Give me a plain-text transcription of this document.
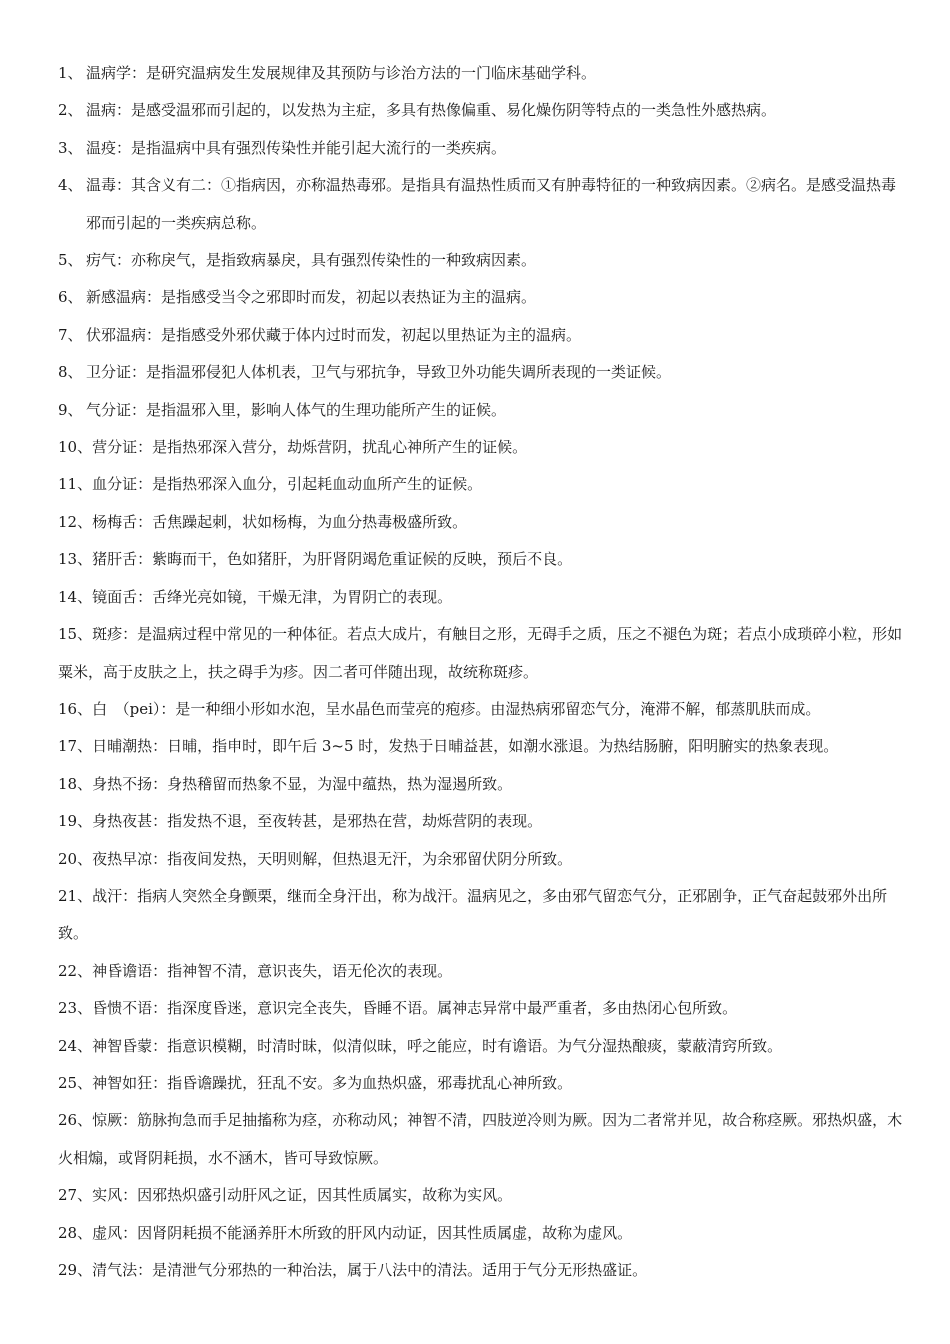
1、 温病学：是研究温病发生发展规律及其预防与诊治方法的一门临床基础学科。
2、 温病：是感受温邪而引起的，以发热为主症，多具有热像偏重、易化燥伤阴等特点的一类急性外感热病。
3、 温疫：是指温病中具有强烈传染性并能引起大流行的一类疾病。
4、 温毒：其含义有二：①指病因，亦称温热毒邪。是指具有温热性质而又有肿毒特征的一种致病因素。②病名。是感受温热毒邪而引起的一类疾病总称。
5、 疠气：亦称戾气，是指致病暴戾，具有强烈传染性的一种致病因素。
6、 新感温病：是指感受当令之邪即时而发，初起以表热证为主的温病。
7、 伏邪温病：是指感受外邪伏藏于体内过时而发，初起以里热证为主的温病。
8、 卫分证：是指温邪侵犯人体机表，卫气与邪抗争，导致卫外功能失调所表现的一类证候。
9、 气分证：是指温邪入里，影响人体气的生理功能所产生的证候。
10、营分证：是指热邪深入营分，劫烁营阴，扰乱心神所产生的证候。
11、血分证：是指热邪深入血分，引起耗血动血所产生的证候。
12、杨梅舌：舌焦躁起刺，状如杨梅，为血分热毒极盛所致。
13、猪肝舌：紫晦而干，色如猪肝，为肝肾阴竭危重证候的反映，预后不良。
14、镜面舌：舌绛光亮如镜，干燥无津，为胃阴亡的表现。
15、斑疹：是温病过程中常见的一种体征。若点大成片，有触目之形，无碍手之质，压之不褪色为斑；若点小成琐碎小粒，形如粟米，高于皮肤之上，扶之碍手为疹。因二者可伴随出现，故统称斑疹。
16、白　（pei）：是一种细小形如水泡，呈水晶色而莹亮的疱疹。由湿热病邪留恋气分，淹滞不解，郁蒸肌肤而成。
17、日晡潮热：日晡，指申时，即午后 3~5 时，发热于日晡益甚，如潮水涨退。为热结肠腑，阳明腑实的热象表现。
18、身热不扬：身热稽留而热象不显，为湿中蕴热，热为湿遏所致。
19、身热夜甚：指发热不退，至夜转甚，是邪热在营，劫烁营阴的表现。
20、夜热早凉：指夜间发热，天明则解，但热退无汗，为余邪留伏阴分所致。
21、战汗：指病人突然全身颤栗，继而全身汗出，称为战汗。温病见之，多由邪气留恋气分，正邪剧争，正气奋起鼓邪外出所致。
22、神昏谵语：指神智不清，意识丧失，语无伦次的表现。
23、昏愦不语：指深度昏迷，意识完全丧失，昏睡不语。属神志异常中最严重者，多由热闭心包所致。
24、神智昏蒙：指意识模糊，时清时昧，似清似昧，呼之能应，时有谵语。为气分湿热酿痰，蒙蔽清窍所致。
25、神智如狂：指昏谵躁扰，狂乱不安。多为血热炽盛，邪毒扰乱心神所致。
26、惊厥：筋脉拘急而手足抽搐称为痉，亦称动风；神智不清，四肢逆冷则为厥。因为二者常并见，故合称痉厥。邪热炽盛，木火相煽，或肾阴耗损，水不涵木，皆可导致惊厥。
27、实风：因邪热炽盛引动肝风之证，因其性质属实，故称为实风。
28、虚风：因肾阴耗损不能涵养肝木所致的肝风内动证，因其性质属虚，故称为虚风。
29、清气法：是清泄气分邪热的一种治法，属于八法中的清法。适用于气分无形热盛证。
